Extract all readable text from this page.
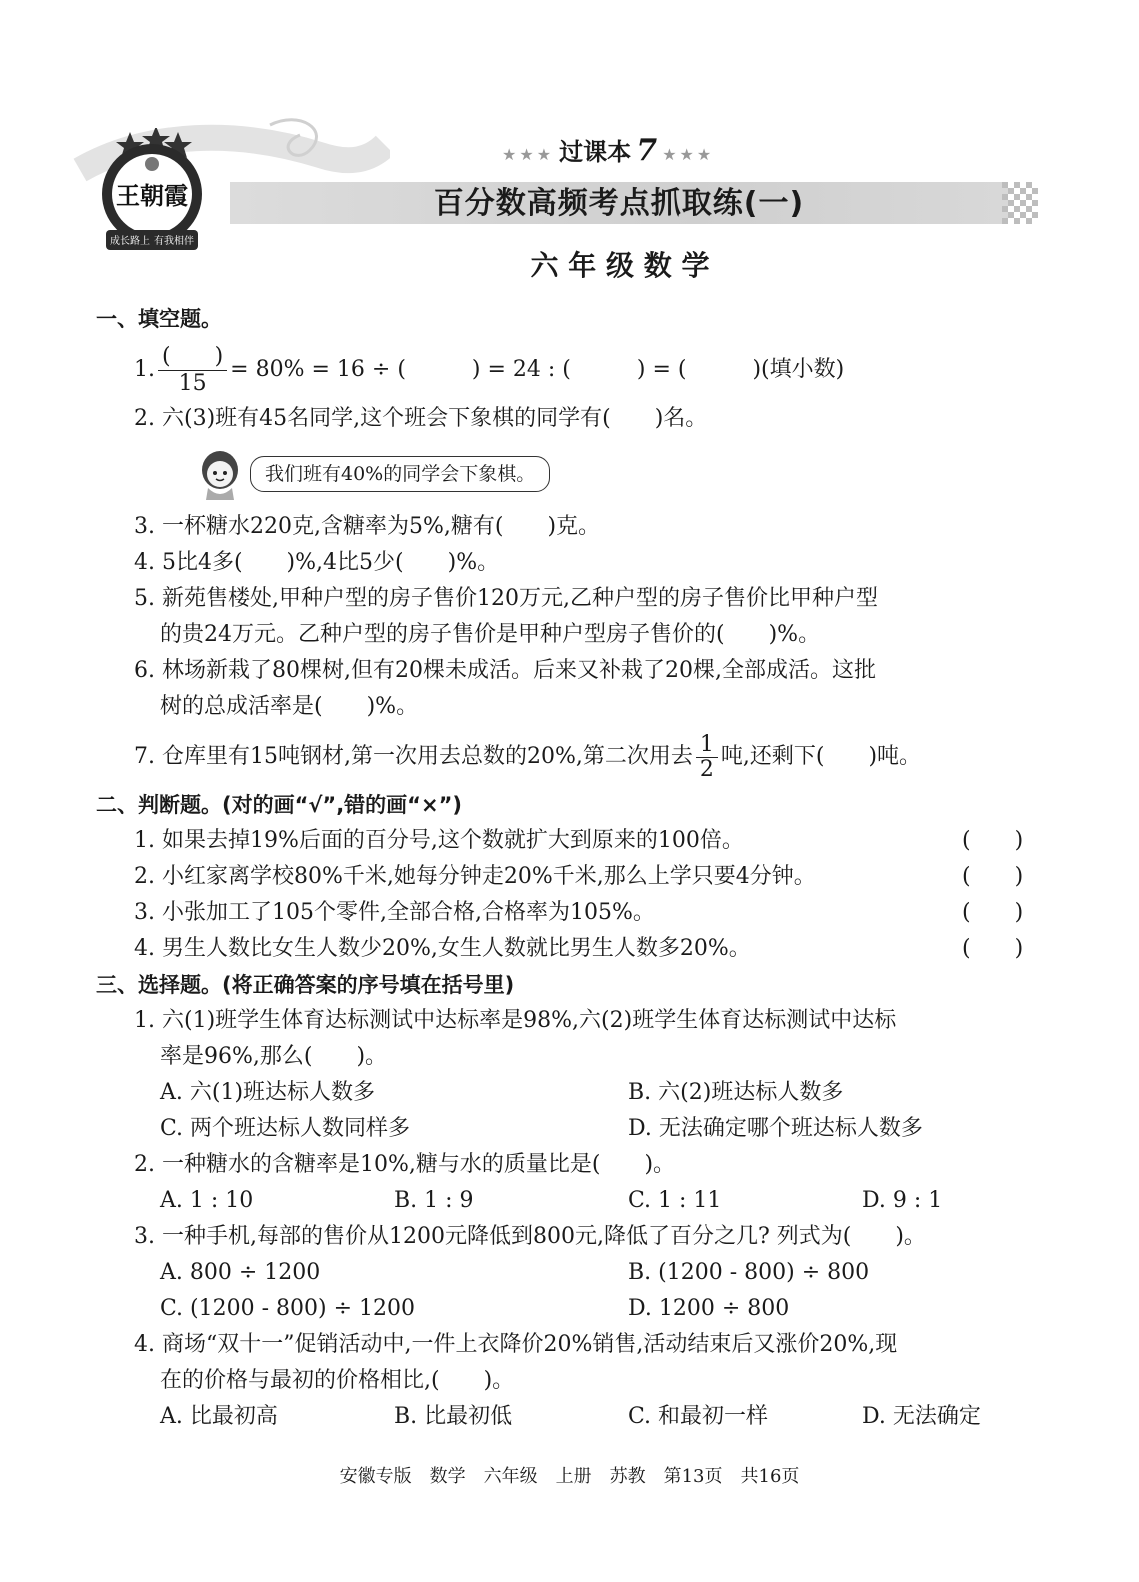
王朝霞
成长路上 有我相伴
★★★ 过课本 7 ★★★
百分数高频考点抓取练(一)
六 年 级 数 学
一、填空题。
1. $\frac{( )}{15} = 80\% = 16$ ÷ (　　　) = 24 : (　　　) = (　　　)(填小数)
2. 六(3)班有45名同学,这个班会下象棋的同学有(　　)名。
我们班有40%的同学会下象棋。
3. 一杯糖水220克,含糖率为5%,糖有(　　)克。
4. 5比4多(　　)%,4比5少(　　)%。
5. 新苑售楼处,甲种户型的房子售价120万元,乙种户型的房子售价比甲种户型
的贵24万元。乙种户型的房子售价是甲种户型房子售价的(　　)%。
6. 林场新栽了80棵树,但有20棵未成活。后来又补栽了20棵,全部成活。这批
树的总成活率是(　　)%。
7. 仓库里有15吨钢材,第一次用去总数的20%,第二次用去 $\frac{1}{2}$ 吨,还剩下(　　)吨。
二、判断题。(对的画“√”,错的画“×”)
1. 如果去掉19%后面的百分号,这个数就扩大到原来的100倍。	(　　)
2. 小红家离学校80%千米,她每分钟走20%千米,那么上学只要4分钟。	(　　)
3. 小张加工了105个零件,全部合格,合格率为105%。	(　　)
4. 男生人数比女生人数少20%,女生人数就比男生人数多20%。	(　　)
三、选择题。(将正确答案的序号填在括号里)
1. 六(1)班学生体育达标测试中达标率是98%,六(2)班学生体育达标测试中达标
率是96%,那么(　　)。
A. 六(1)班达标人数多	B. 六(2)班达标人数多
C. 两个班达标人数同样多	D. 无法确定哪个班达标人数多
2. 一种糖水的含糖率是10%,糖与水的质量比是(　　)。
A. 1 : 10	B. 1 : 9	C. 1 : 11	D. 9 : 1
3. 一种手机,每部的售价从1200元降低到800元,降低了百分之几? 列式为(　　)。
A. 800 ÷ 1200	B. (1200 - 800) ÷ 800
C. (1200 - 800) ÷ 1200	D. 1200 ÷ 800
4. 商场“双十一”促销活动中,一件上衣降价20%销售,活动结束后又涨价20%,现
在的价格与最初的价格相比,(　　)。
A. 比最初高	B. 比最初低	C. 和最初一样	D. 无法确定
安徽专版　数学　六年级　上册　苏教　第13页　共16页
